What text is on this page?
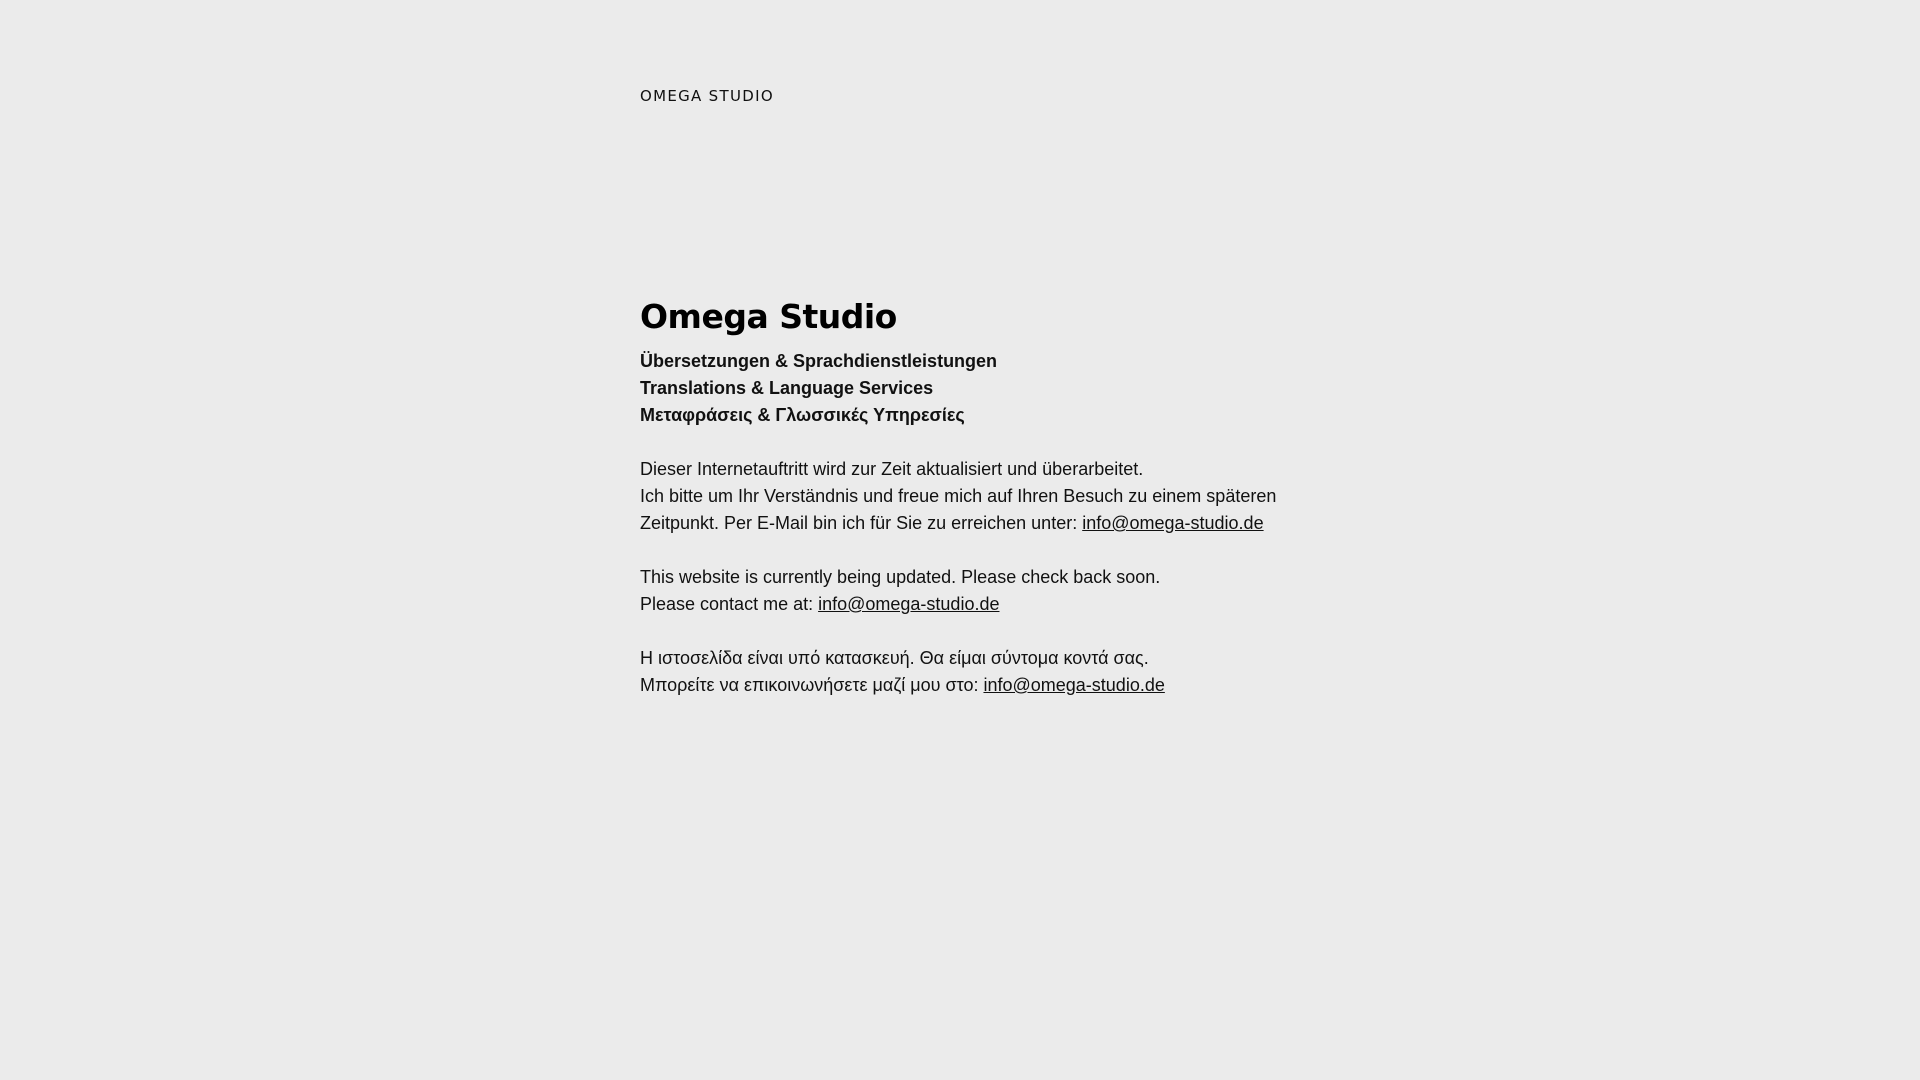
OMEGA STUDIO
Omega Studio
Übersetzungen & Sprachdienstleistungen
Translations & Language Services
Μεταφράσεις & Γλωσσικές Υπηρεσίες
Dieser Internetauftritt wird zur Zeit aktualisiert und überarbeitet.
Ich bitte um Ihr Verständnis und freue mich auf Ihren Besuch zu einem späteren
Zeitpunkt. Per E-Mail bin ich für Sie zu erreichen unter: info@omega-studio.de
This website is currently being updated. Please check back soon.
Please contact me at: info@omega-studio.de
Η ιστοσελίδα είναι υπό κατασκευή. Θα είμαι σύντομα κοντά σας.
Μπορείτε να επικοινωνήσετε μαζί μου στο: info@omega-studio.de
